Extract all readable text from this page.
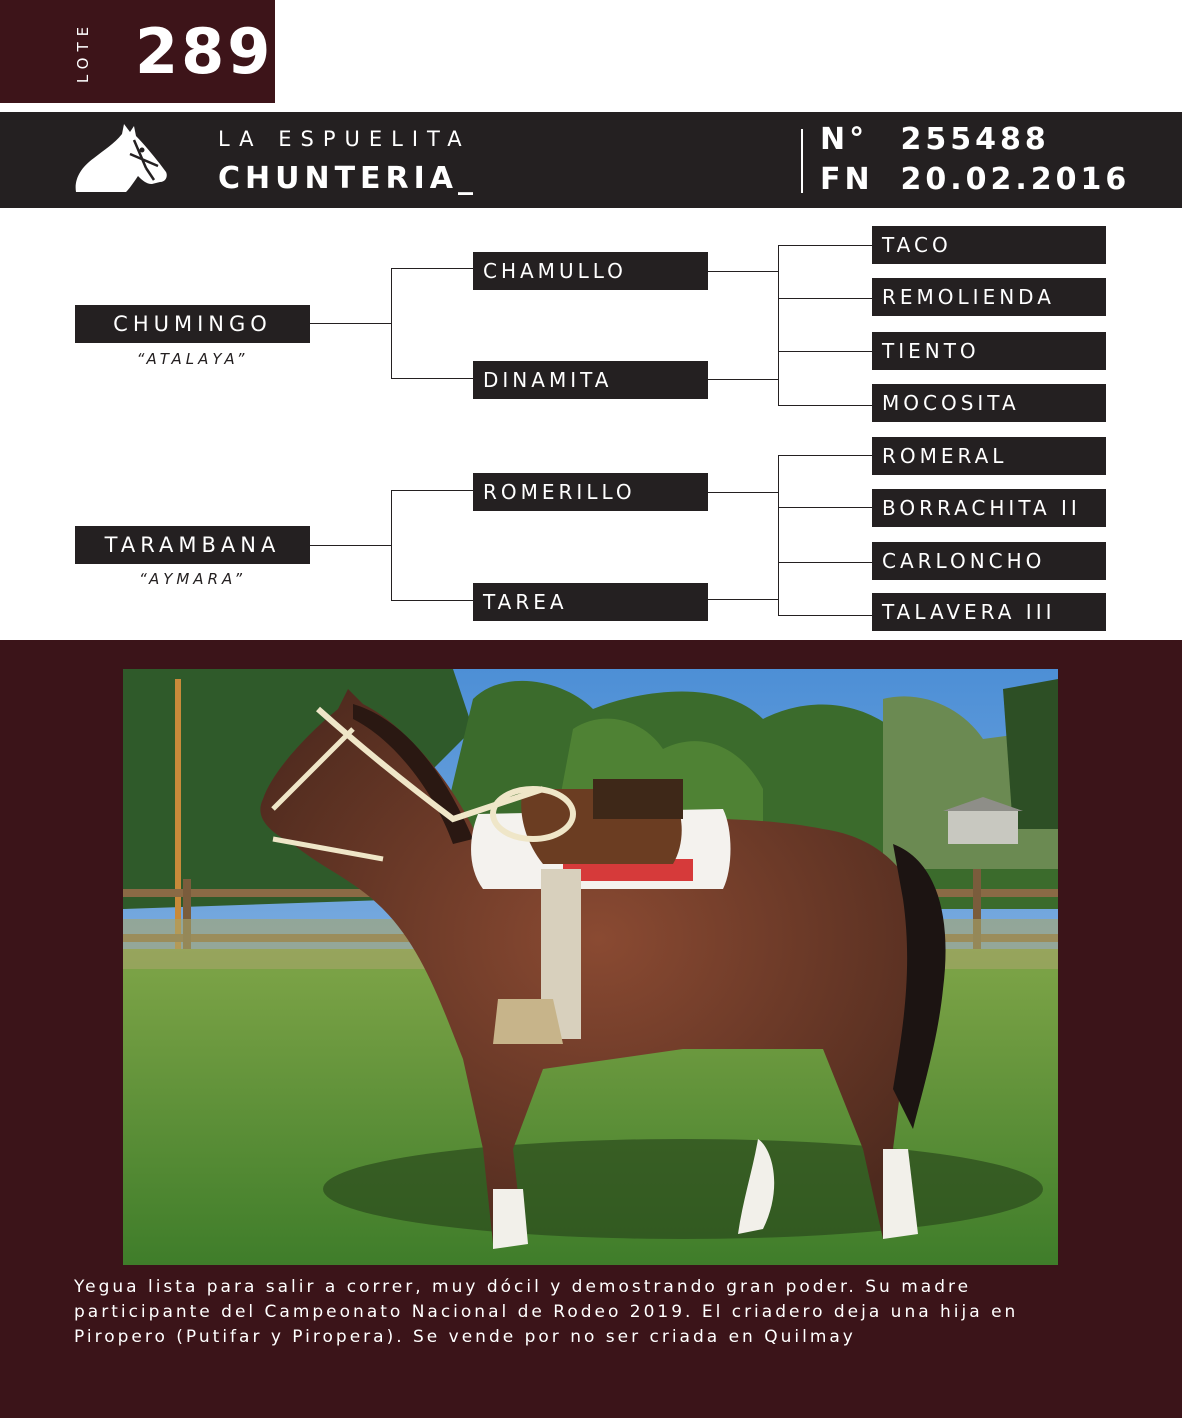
LOTE 289
LA ESPUELITA
CHUNTERIA_
N° 255488
FN 20.02.2016
CHUMINGO
“ATALAYA”
TARAMBANA
“AYMARA”
CHAMULLO
DINAMITA
ROMERILLO
TAREA
TACO
REMOLIENDA
TIENTO
MOCOSITA
ROMERAL
BORRACHITA II
CARLONCHO
TALAVERA III
Yegua lista para salir a correr, muy dócil y demostrando gran poder. Su madre participante del Campeonato Nacional de Rodeo 2019. El criadero deja una hija en Piropero (Putifar y Piropera). Se vende por no ser criada en Quilmay
